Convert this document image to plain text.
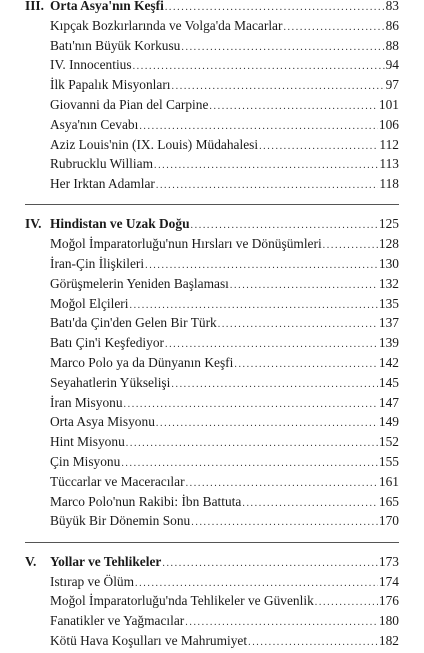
III. Orta Asya'nın Keşfi .....	83
Kıpçak Bozkırlarında ve Volga'da Macarlar .....	86
Batı'nın Büyük Korkusu .....	88
IV. Innocentius .....	94
İlk Papalık Misyonları .....	97
Giovanni da Pian del Carpine .....	101
Asya'nın Cevabı .....	106
Aziz Louis'nin (IX. Louis) Müdahalesi .....	112
Rubrucklu William .....	113
Her Irktan Adamlar .....	118
IV. Hindistan ve Uzak Doğu .....	125
Moğol İmparatorluğu'nun Hırsları ve Dönüşümleri .....	128
İran-Çin İlişkileri .....	130
Görüşmelerin Yeniden Başlaması .....	132
Moğol Elçileri .....	135
Batı'da Çin'den Gelen Bir Türk .....	137
Batı Çin'i Keşfediyor .....	139
Marco Polo ya da Dünyanın Keşfi .....	142
Seyahatlerin Yükselişi .....	145
İran Misyonu .....	147
Orta Asya Misyonu .....	149
Hint Misyonu .....	152
Çin Misyonu .....	155
Tüccarlar ve Maceracılar .....	161
Marco Polo'nun Rakibi: İbn Battuta .....	165
Büyük Bir Dönemin Sonu .....	170
V.	Yollar ve Tehlikeler .....	173
Istırap ve Ölüm .....	174
Moğol İmparatorluğu'nda Tehlikeler ve Güvenlik .....	176
Fanatikler ve Yağmacılar .....	180
Kötü Hava Koşulları ve Mahrumiyet .....	182
